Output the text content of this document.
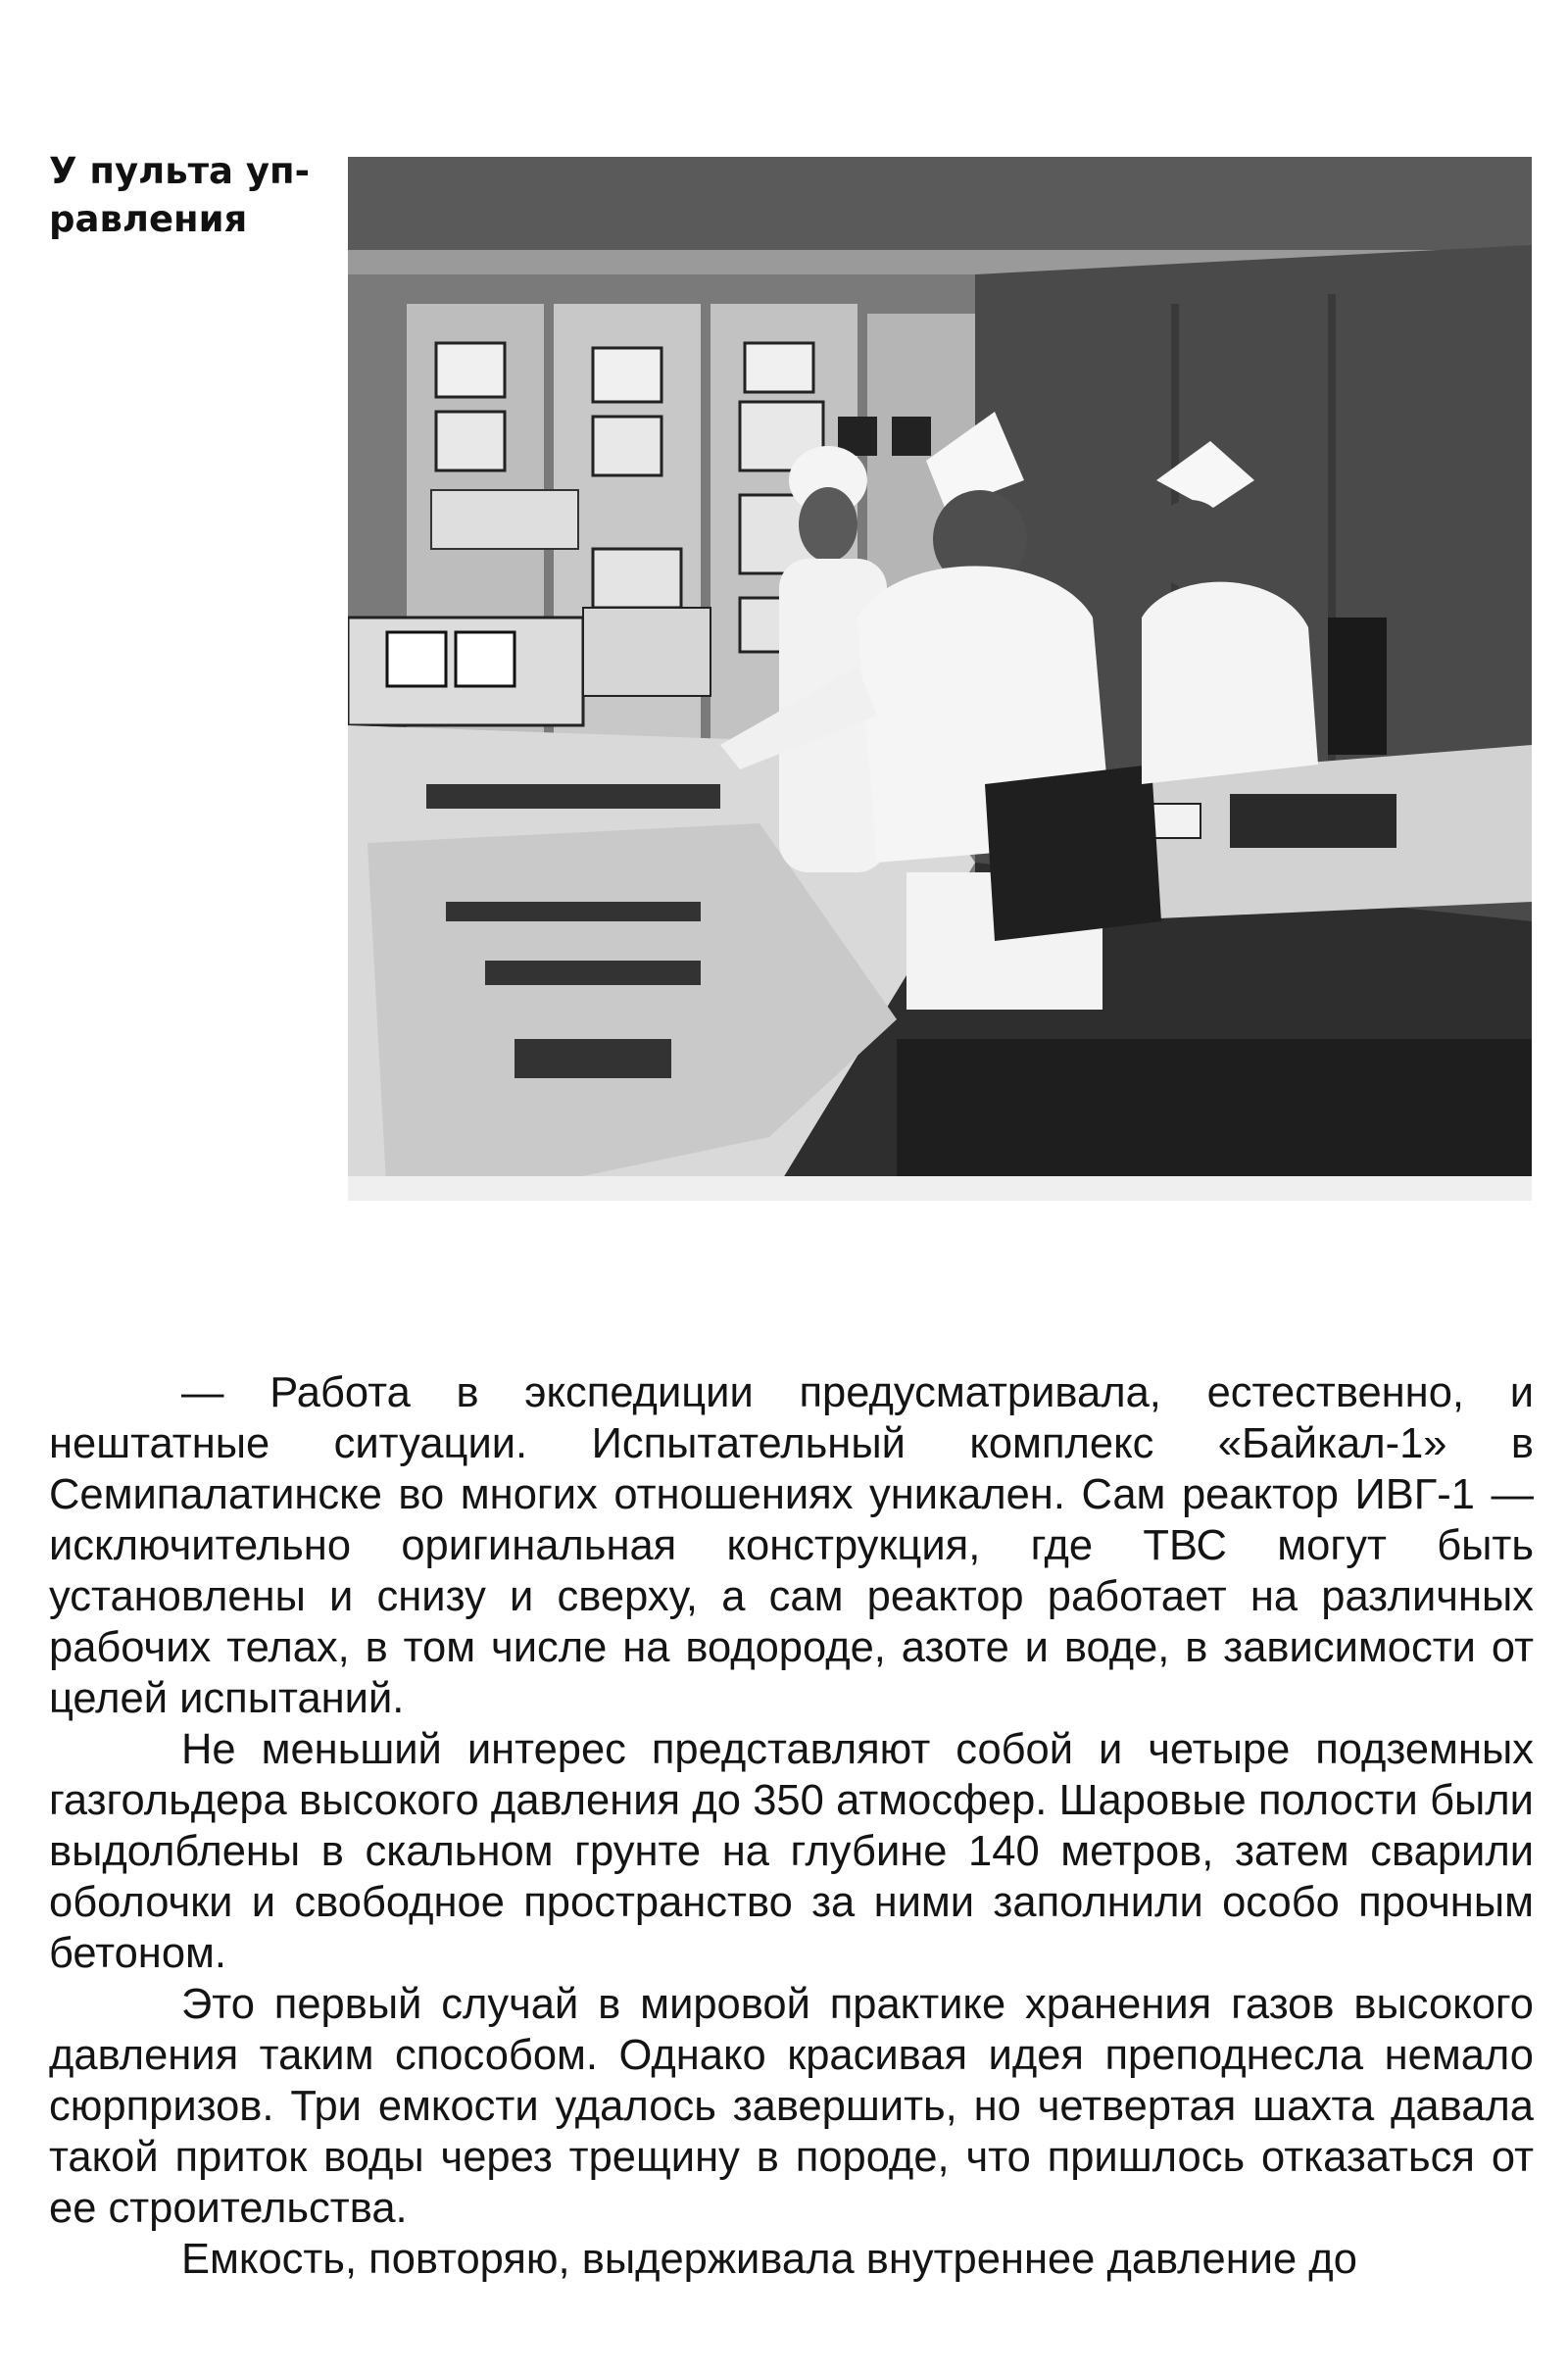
У пульта уп-равления

— Работа в экспедиции предусматривала, естественно, и нештатные ситуации. Испытательный комплекс «Байкал-1» в Семипалатинске во многих отношениях уникален. Сам реактор ИВГ-1 — исключительно оригинальная конструкция, где ТВС могут быть установлены и снизу и сверху, а сам реактор работает на различных рабочих телах, в том числе на водороде, азоте и воде, в зависимости от целей испытаний.

Не меньший интерес представляют собой и четыре подземных газгольдера высокого давления до 350 атмосфер. Шаровые полости были выдолблены в скальном грунте на глубине 140 метров, затем сварили оболочки и свободное пространство за ними заполнили особо прочным бетоном.

Это первый случай в мировой практике хранения газов высокого давления таким способом. Однако красивая идея преподнесла немало сюрпризов. Три емкости удалось завершить, но четвертая шахта давала такой приток воды через трещину в породе, что пришлось отказаться от ее строительства.

Емкость, повторяю, выдерживала внутреннее давление до
